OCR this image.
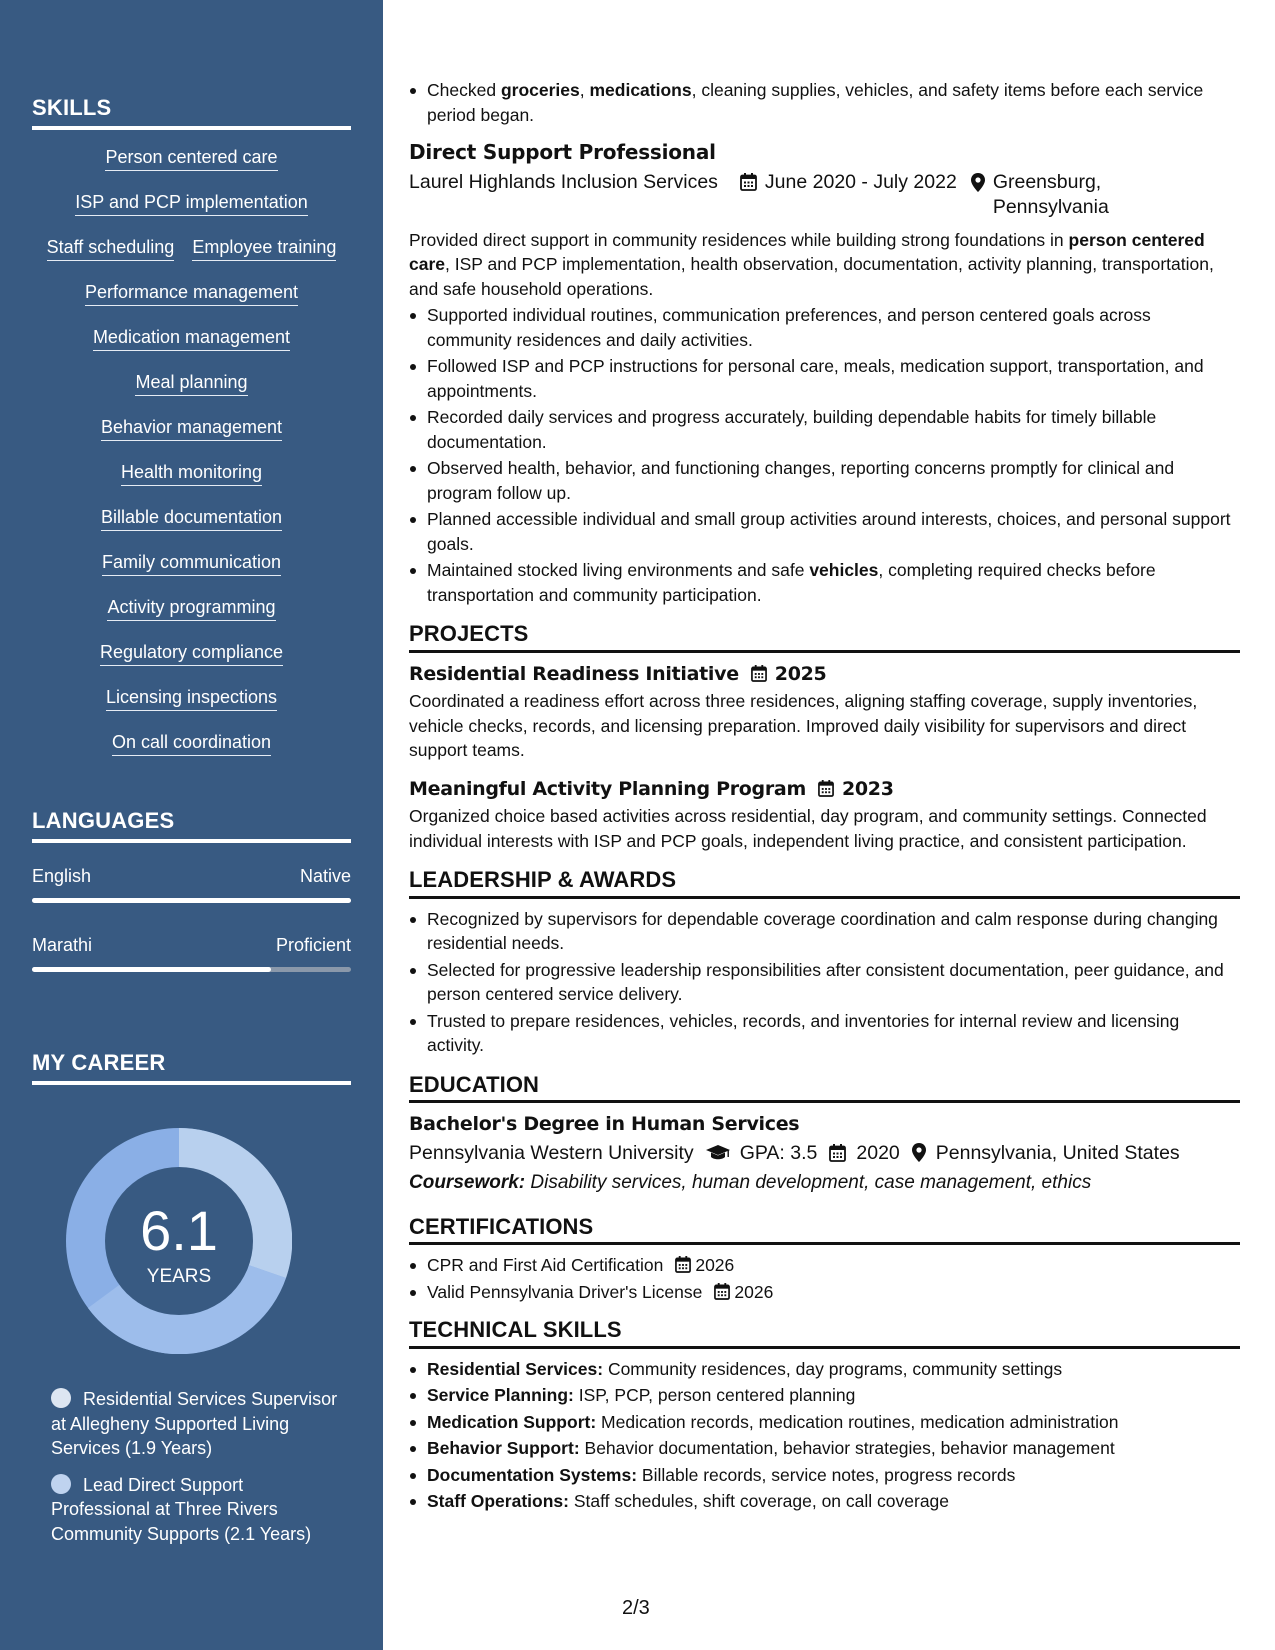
SKILLS
Person centered care
ISP and PCP implementation
Staff scheduling Employee training
Performance management
Medication management
Meal planning
Behavior management
Health monitoring
Billable documentation
Family communication
Activity programming
Regulatory compliance
Licensing inspections
On call coordination
LANGUAGES
English	Native
Marathi	Proficient
MY CAREER
6.1
YEARS
Residential Services Supervisor at Allegheny Supported Living Services (1.9 Years)
Lead Direct Support Professional at Three Rivers Community Supports (2.1 Years)
Checked groceries, medications, cleaning supplies, vehicles, and safety items before each service period began.
Direct Support Professional
Laurel Highlands Inclusion Services June 2020 - July 2022 Greensburg, Pennsylvania
Provided direct support in community residences while building strong foundations in person centered care, ISP and PCP implementation, health observation, documentation, activity planning, transportation, and safe household operations.
Supported individual routines, communication preferences, and person centered goals across community residences and daily activities.
Followed ISP and PCP instructions for personal care, meals, medication support, transportation, and appointments.
Recorded daily services and progress accurately, building dependable habits for timely billable documentation.
Observed health, behavior, and functioning changes, reporting concerns promptly for clinical and program follow up.
Planned accessible individual and small group activities around interests, choices, and personal support goals.
Maintained stocked living environments and safe vehicles, completing required checks before transportation and community participation.
PROJECTS
Residential Readiness Initiative 2025
Coordinated a readiness effort across three residences, aligning staffing coverage, supply inventories, vehicle checks, records, and licensing preparation. Improved daily visibility for supervisors and direct support teams.
Meaningful Activity Planning Program 2023
Organized choice based activities across residential, day program, and community settings. Connected individual interests with ISP and PCP goals, independent living practice, and consistent participation.
LEADERSHIP & AWARDS
Recognized by supervisors for dependable coverage coordination and calm response during changing residential needs.
Selected for progressive leadership responsibilities after consistent documentation, peer guidance, and person centered service delivery.
Trusted to prepare residences, vehicles, records, and inventories for internal review and licensing activity.
EDUCATION
Bachelor's Degree in Human Services
Pennsylvania Western University GPA: 3.5 2020 Pennsylvania, United States
Coursework: Disability services, human development, case management, ethics
CERTIFICATIONS
CPR and First Aid Certification 2026
Valid Pennsylvania Driver's License 2026
TECHNICAL SKILLS
Residential Services: Community residences, day programs, community settings
Service Planning: ISP, PCP, person centered planning
Medication Support: Medication records, medication routines, medication administration
Behavior Support: Behavior documentation, behavior strategies, behavior management
Documentation Systems: Billable records, service notes, progress records
Staff Operations: Staff schedules, shift coverage, on call coverage
2/3
